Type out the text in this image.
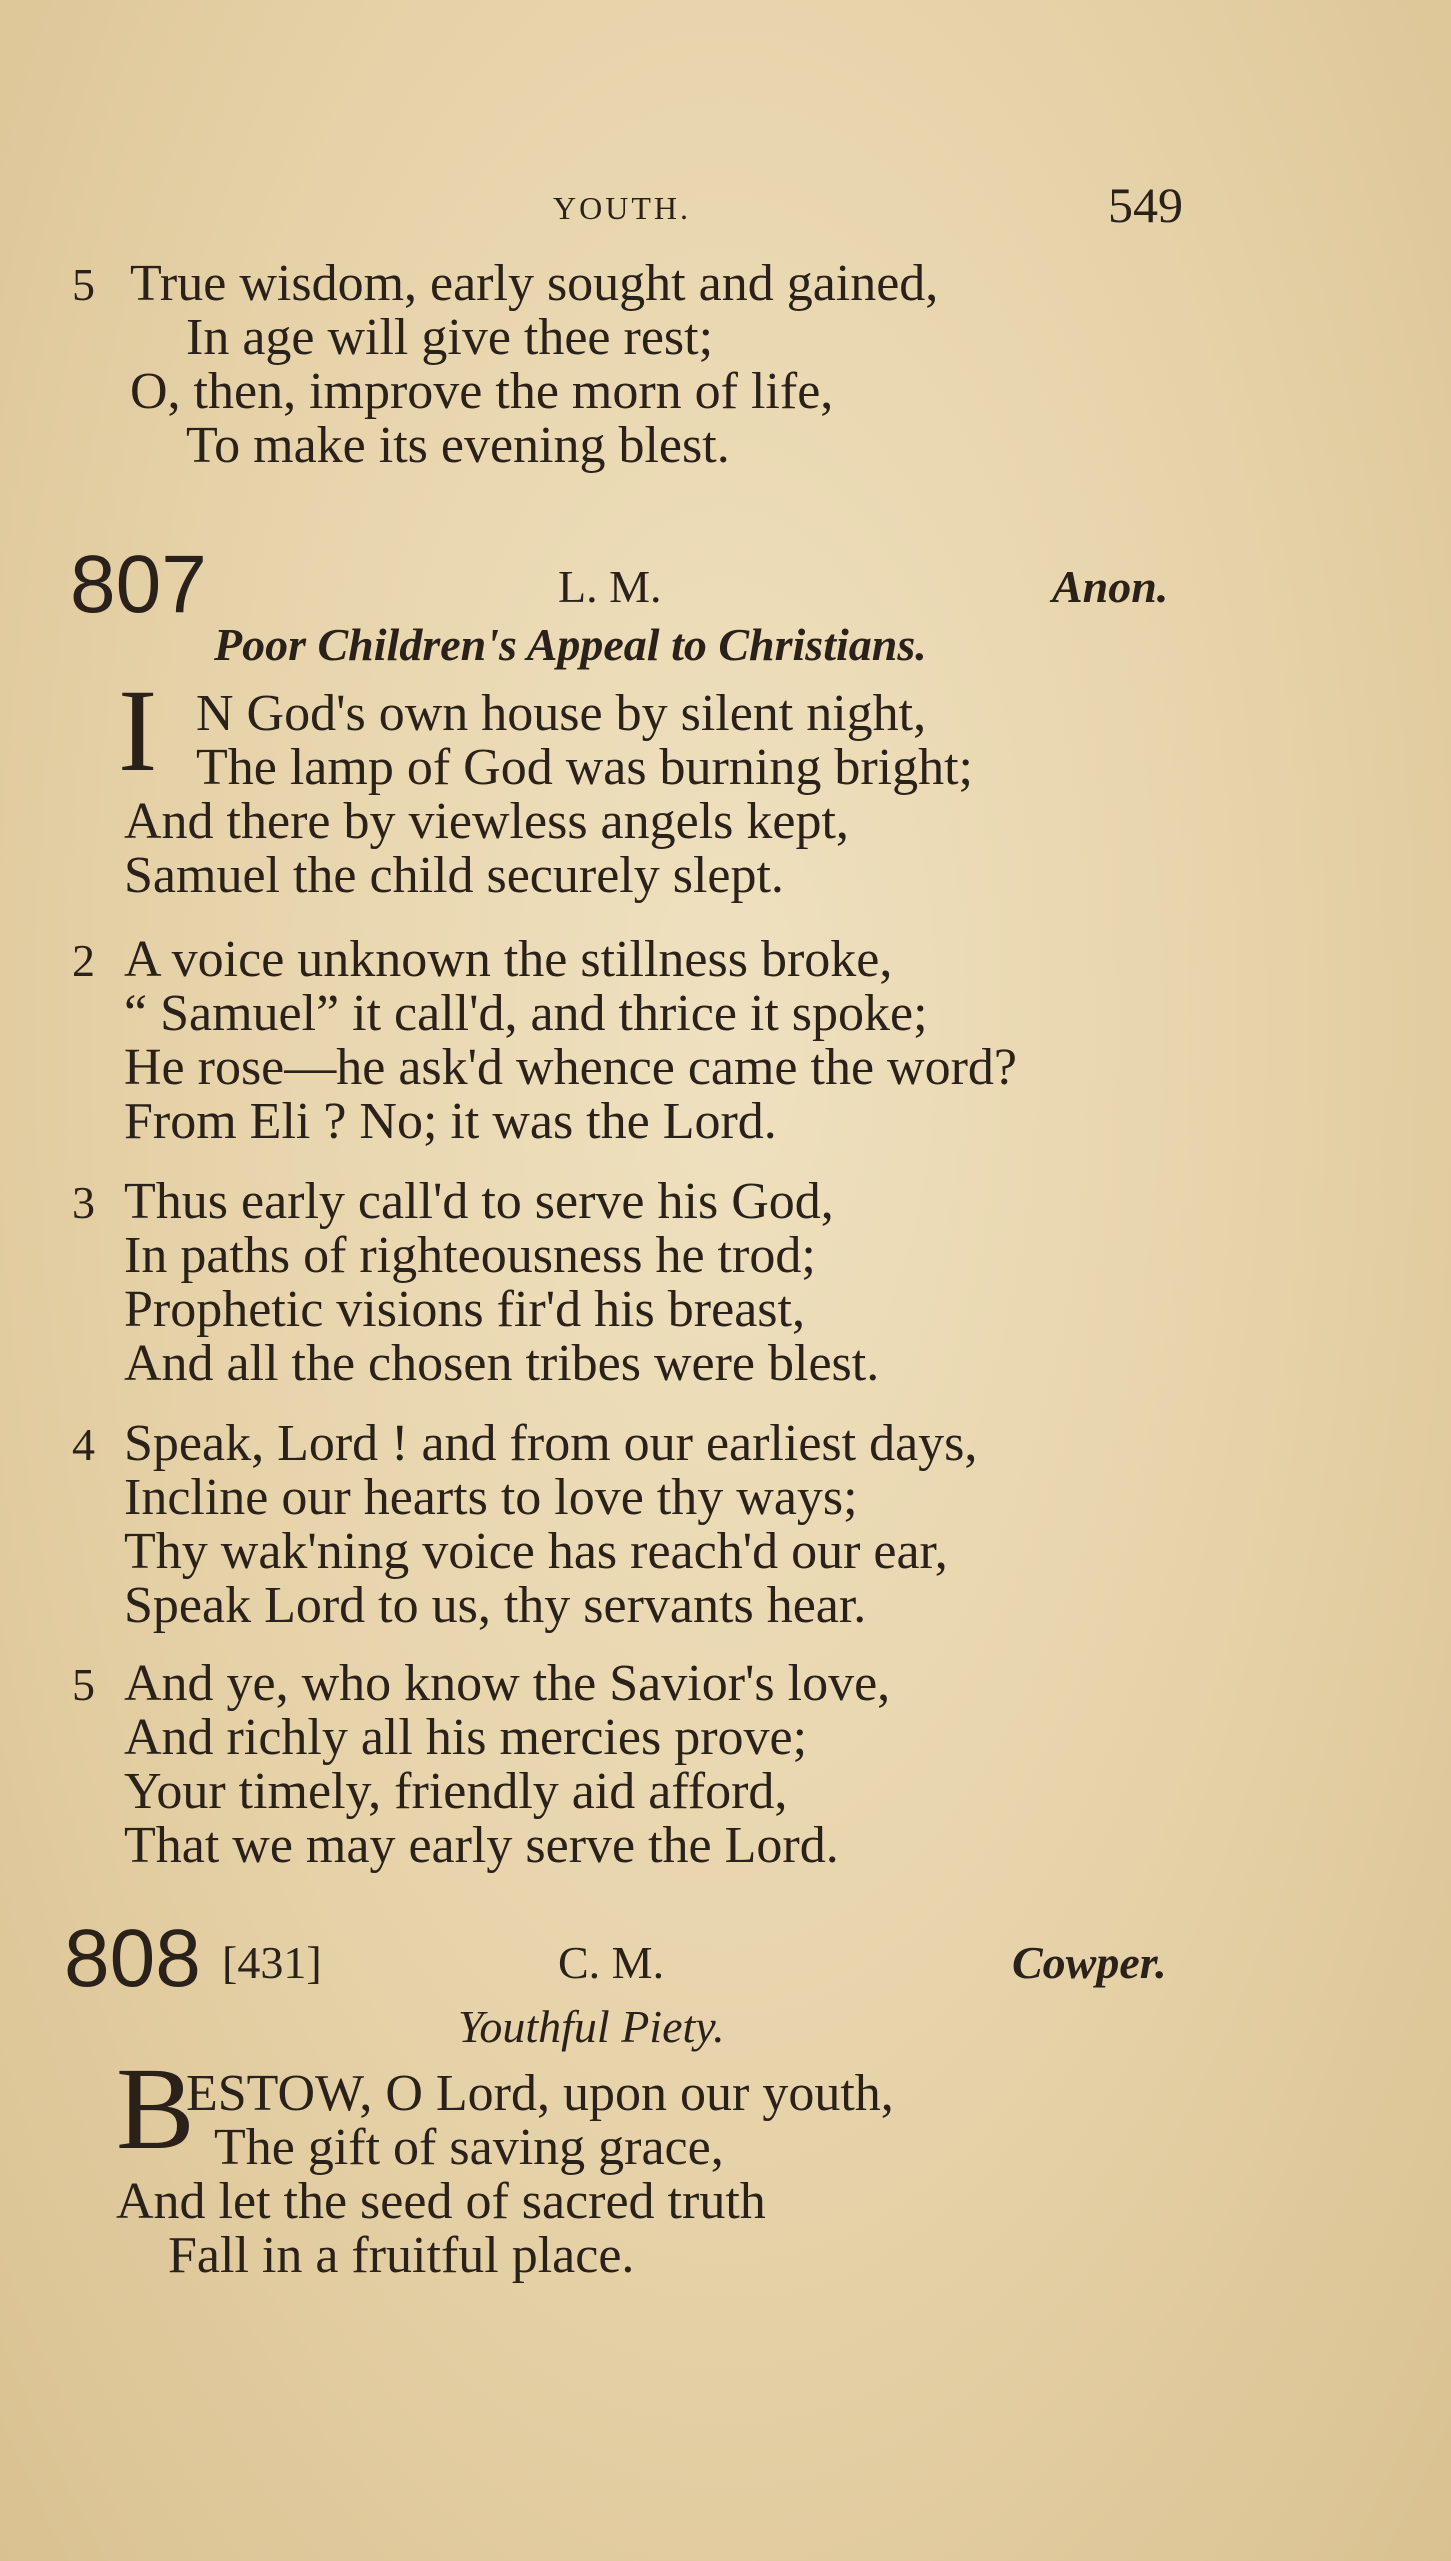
YOUTH.	549
5 True wisdom, early sought and gained,
In age will give thee rest;
O, then, improve the morn of life,
To make its evening blest.
807	L. M.	Anon.
Poor Children's Appeal to Christians.
I N God's own house by silent night,
The lamp of God was burning bright;
And there by viewless angels kept,
Samuel the child securely slept.
2 A voice unknown the stillness broke,
“ Samuel” it call'd, and thrice it spoke;
He rose—he ask'd whence came the word?
From Eli ? No; it was the Lord.
3 Thus early call'd to serve his God,
In paths of righteousness he trod;
Prophetic visions fir'd his breast,
And all the chosen tribes were blest.
4 Speak, Lord ! and from our earliest days,
Incline our hearts to love thy ways;
Thy wak'ning voice has reach'd our ear,
Speak Lord to us, thy servants hear.
5 And ye, who know the Savior's love,
And richly all his mercies prove;
Your timely, friendly aid afford,
That we may early serve the Lord.
808 [431]	C. M.	Cowper.
Youthful Piety.
B
ESTOW, O Lord, upon our youth,
The gift of saving grace,
And let the seed of sacred truth
Fall in a fruitful place.
